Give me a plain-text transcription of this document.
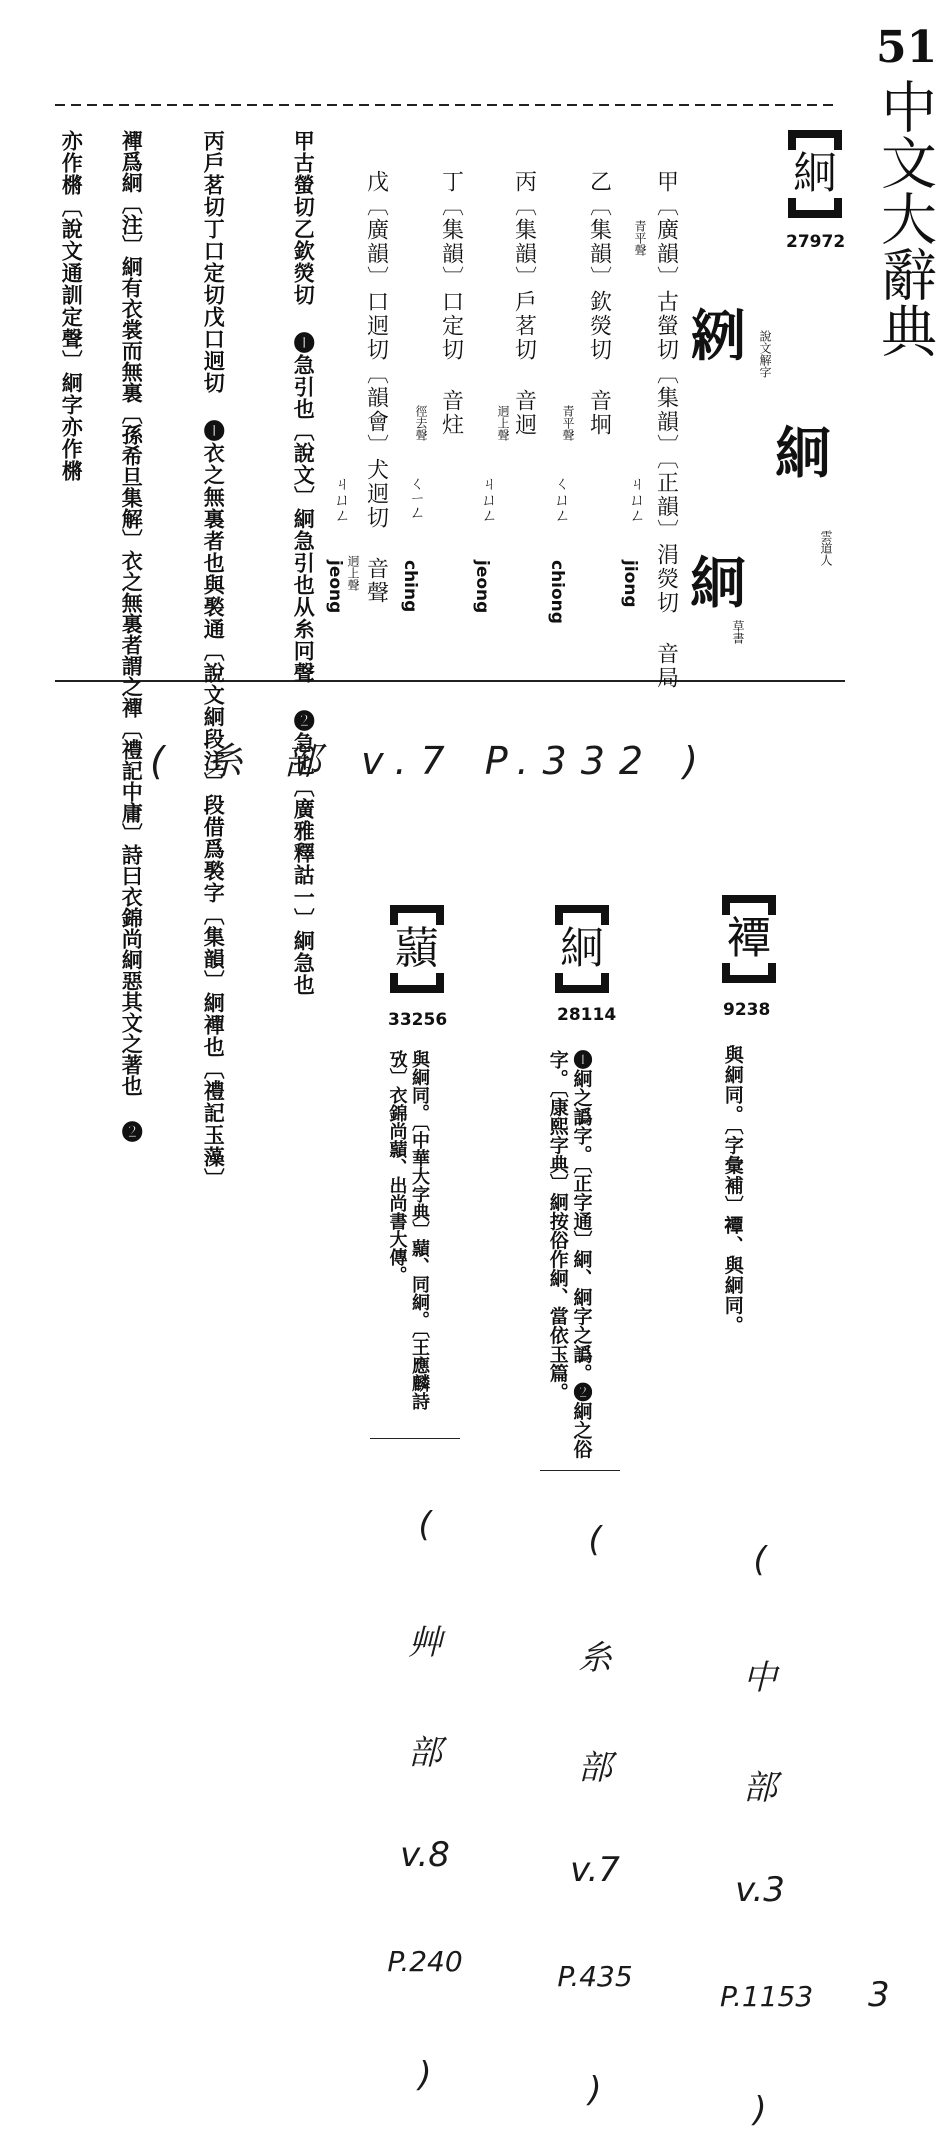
51
中文大辭典
絅
27972
𦀎 說文解字
絅
雲道人
絅
草書
甲〔廣韻〕古螢切〔集韻〕〔正韻〕涓熒切 音局
乙〔集韻〕欽熒切 音坰
丙〔集韻〕戶茗切 音迥
丁〔集韻〕口定切 音炷
戊〔廣韻〕口迥切〔韻會〕犬迥切 音聲	jiong
chiong
jeong
ching
jeong
ㄐㄩㄥ
ㄑㄩㄥ
ㄐㄩㄥ
ㄑㄧㄥ
ㄐㄩㄥ
青平聲
青平聲
迥上聲
徑去聲
迥上聲
甲古螢切乙欽熒切 ❶急引也〔說文〕絅急引也从糸冋聲 ❷急也〔廣雅釋詁一〕絅急也
丙戶茗切丁口定切戊口迥切 ❶衣之無裏者也與褧通〔說文絅段注〕段借爲褧字〔集韻〕絅襌也〔禮記玉藻〕
襌爲絅〔注〕絅有衣裳而無裏〔孫希旦集解〕衣之無裏者謂之襌〔禮記中庸〕詩曰衣錦尚絅惡其文之著也 ❷
亦作㯍〔說文通訓定聲〕絅字亦作㯍
( 糸 部 v.7 P.332 )
𧝓
9238
與絅同。〔字彙補〕𧝓、與絅同。
絅
28114
❶絅之譌字。〔正字通〕絅、絅字之譌。❷絅之俗字。〔康熙字典〕絅按俗作絅、當依玉篇。
蘏
33256
與絅同。〔中華大字典〕蘏、同絅。〔王應麟詩攷〕衣錦尚蘏、出尚書大傳。
(
中
部
v.3
P.1153
)
(
糸
部
v.7
P.435
)
(
艸
部
v.8
P.240
)
3
